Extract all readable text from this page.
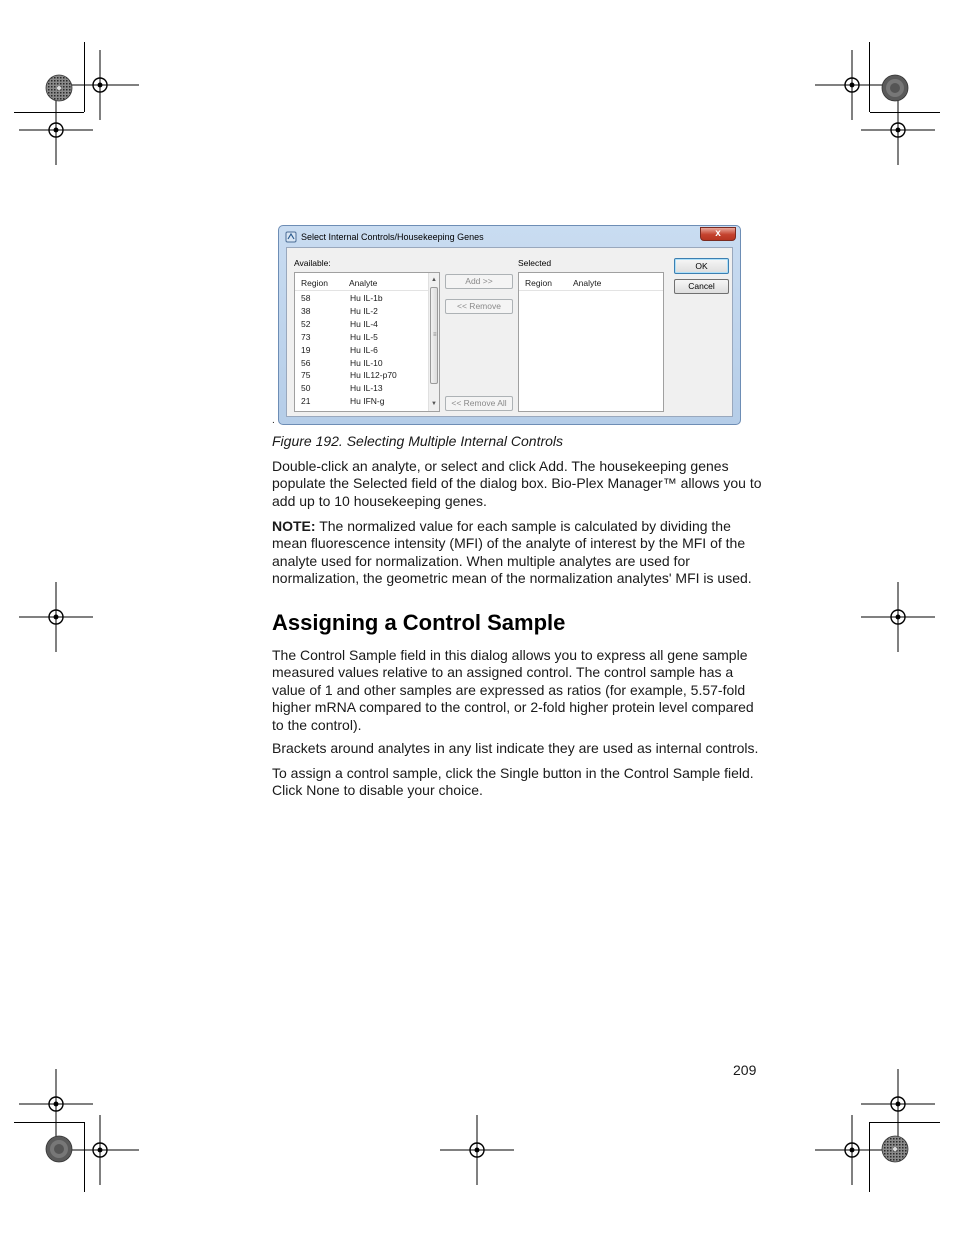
Select Internal Controls/Housekeeping Genes	x
Available:	Selected
Region Analyte
58	Hu IL-1b
38	Hu IL-2
52	Hu IL-4
73	Hu IL-5
19	Hu IL-6
56	Hu IL-10
75	Hu IL12-p70
50	Hu IL-13
21	Hu IFN-g
▲
≡
▼
Add >>
<< Remove
<< Remove All
Region Analyte
OK
Cancel
.
Figure 192. Selecting Multiple Internal Controls
Double-click an analyte, or select and click Add. The housekeeping genes populate the Selected field of the dialog box. Bio-Plex Manager™ allows you to add up to 10 housekeeping genes.
NOTE: The normalized value for each sample is calculated by dividing the mean fluorescence intensity (MFI) of the analyte of interest by the MFI of the analyte used for normalization. When multiple analytes are used for normalization, the geometric mean of the normalization analytes' MFI is used.
Assigning a Control Sample
The Control Sample field in this dialog allows you to express all gene sample measured values relative to an assigned control. The control sample has a value of 1 and other samples are expressed as ratios (for example, 5.57-fold higher mRNA compared to the control, or 2-fold higher protein level compared to the control).
Brackets around analytes in any list indicate they are used as internal controls.
To assign a control sample, click the Single button in the Control Sample field. Click None to disable your choice.
209
